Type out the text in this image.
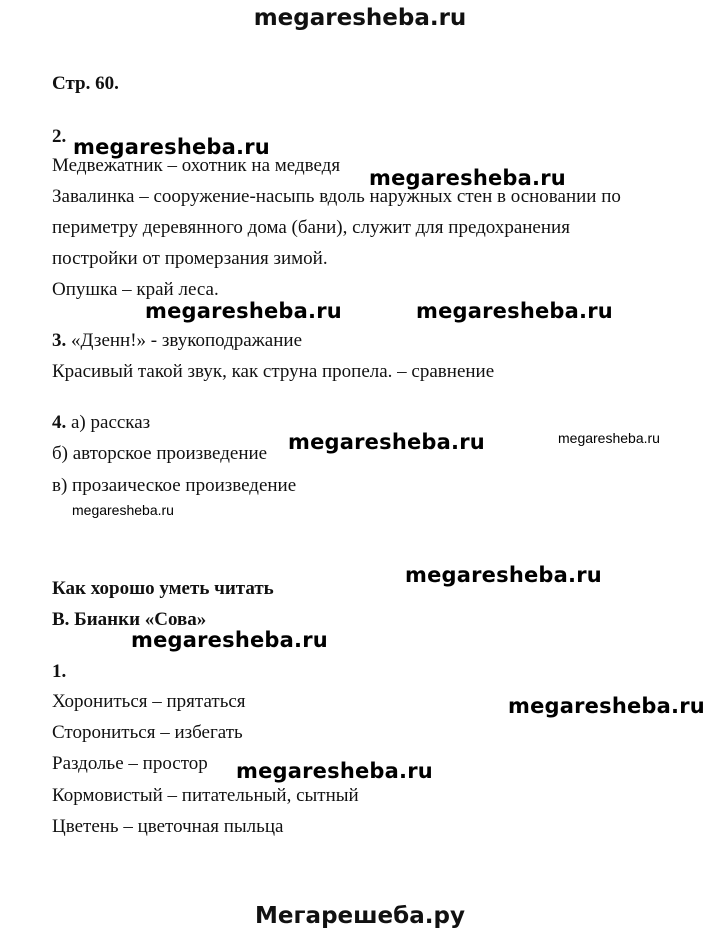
megaresheba.ru
Стр. 60.
2.
Медвежатник – охотник на медведя
Завалинка – сооружение-насыпь вдоль наружных стен в основании по
периметру деревянного дома (бани), служит для предохранения
постройки от промерзания зимой.
Опушка – край леса.
3. «Дзенн!» - звукоподражание
Красивый такой звук, как струна пропела. – сравнение
4. а) рассказ
б) авторское произведение
в) прозаическое произведение
Как хорошо уметь читать
В. Бианки «Сова»
1.
Хорониться – прятаться
Сторониться – избегать
Раздолье – простор
Кормовистый – питательный, сытный
Цветень – цветочная пыльца
megaresheba.ru
megaresheba.ru
megaresheba.ru	megaresheba.ru
megaresheba.ru	megaresheba.ru
megaresheba.ru
megaresheba.ru
megaresheba.ru
megaresheba.ru
megaresheba.ru
Мегарешеба.ру
